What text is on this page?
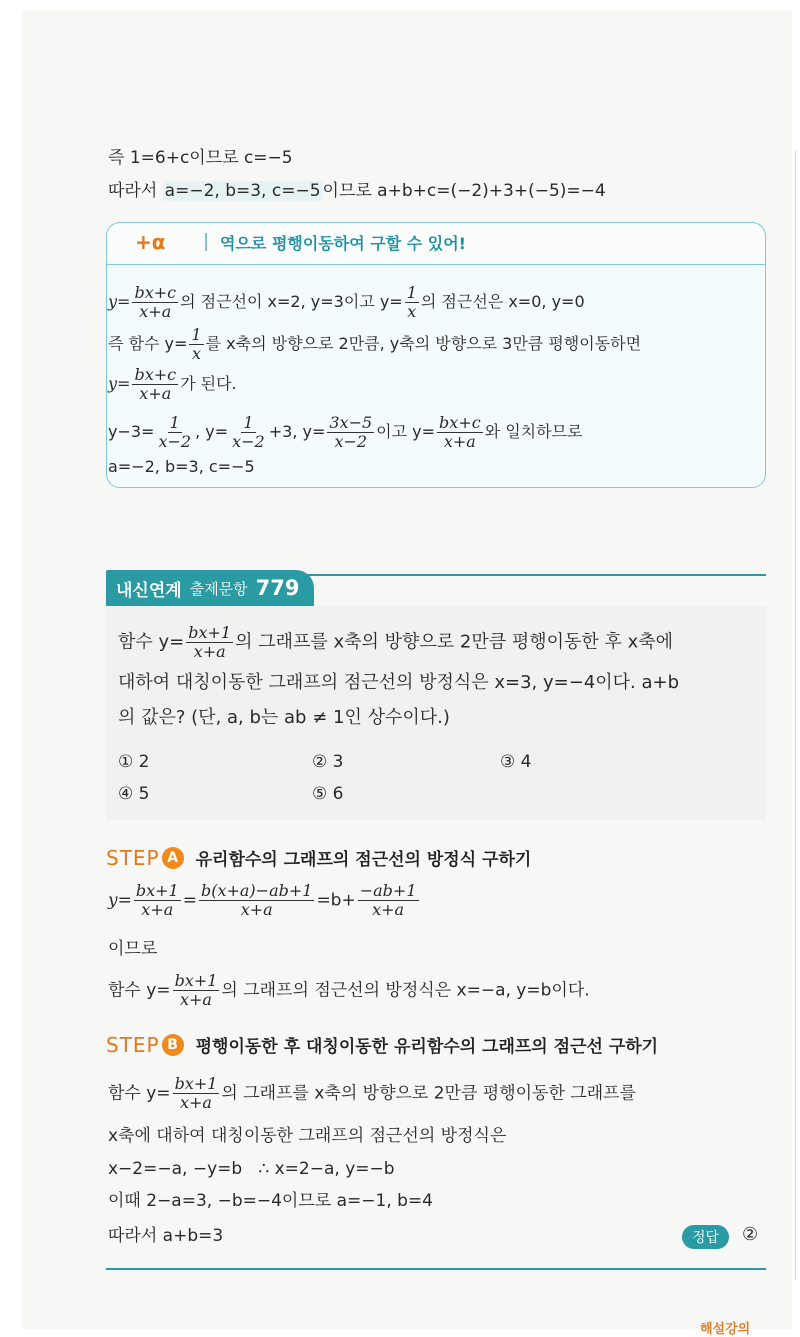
즉 1=6+c이므로 c=−5
따라서 a=−2, b=3, c=−5 이므로 a+b+c=(−2)+3+(−5)=−4
+α	역으로 평행이동하여 구할 수 있어!
$y= \frac{bx+c}{x+a}$ 의 점근선이 x=2, y=3이고 $y= \frac{1}{x}$ 의 점근선은 x=0, y=0
즉 함수 $y= \frac{1}{x}$ 를 x축의 방향으로 2만큼, y축의 방향으로 3만큼 평행이동하면
$y= \frac{bx+c}{x+a}$ 가 된다.
$y-3= \frac{1}{x-2}$ , $y= \frac{1}{x-2} +3$, $y= \frac{3x-5}{x-2}$ 이고 $y= \frac{bx+c}{x+a}$ 와 일치하므로
a=−2, b=3, c=−5
내신연계 출제문항 779
함수 $y= \frac{bx+1}{x+a}$ 의 그래프를 x축의 방향으로 2만큼 평행이동한 후 x축에
대하여 대칭이동한 그래프의 점근선의 방정식은 x=3, y=−4이다. a+b
의 값은? (단, a, b는 ab ≠ 1인 상수이다.)
① 2	② 3	③ 4
④ 5	⑤ 6
STEP A	유리함수의 그래프의 점근선의 방정식 구하기
$y= \frac{bx+1}{x+a} = \frac{b(x+a)-ab+1}{x+a} =b+ \frac{-ab+1}{x+a}$
이므로
함수 $y= \frac{bx+1}{x+a}$ 의 그래프의 점근선의 방정식은 x=−a, y=b이다.
STEP B	평행이동한 후 대칭이동한 유리함수의 그래프의 점근선 구하기
함수 $y= \frac{bx+1}{x+a}$ 의 그래프를 x축의 방향으로 2만큼 평행이동한 그래프를
x축에 대하여 대칭이동한 그래프의 점근선의 방정식은
x−2=−a, −y=b   ∴ x=2−a, y=−b
이때 2−a=3, −b=−4이므로 a=−1, b=4
따라서 a+b=3	정답	②
해설강의
